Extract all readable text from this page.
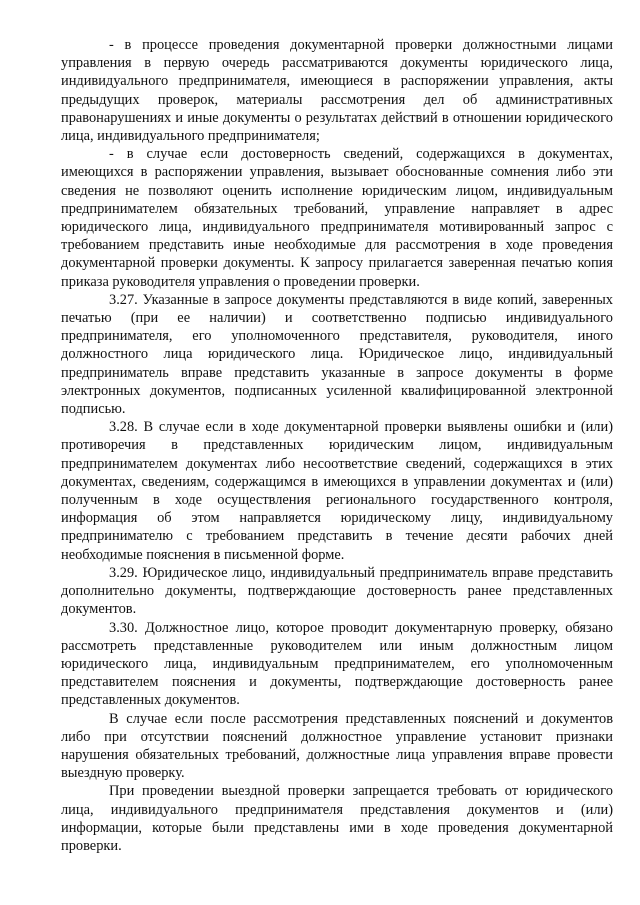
- в процессе проведения документарной проверки должностными лицами управления в первую очередь рассматриваются документы юридического лица, индивидуального предпринимателя, имеющиеся в распоряжении управления, акты предыдущих проверок, материалы рассмотрения дел об административных правонарушениях и иные документы о результатах действий в отношении юридического лица, индивидуального предпринимателя;

- в случае если достоверность сведений, содержащихся в документах, имеющихся в распоряжении управления, вызывает обоснованные сомнения либо эти сведения не позволяют оценить исполнение юридическим лицом, индивидуальным предпринимателем обязательных требований, управление направляет в адрес юридического лица, индивидуального предпринимателя мотивированный запрос с требованием представить иные необходимые для рассмотрения в ходе проведения документарной проверки документы. К запросу прилагается заверенная печатью копия приказа руководителя управления о проведении проверки.

3.27. Указанные в запросе документы представляются в виде копий, заверенных печатью (при ее наличии) и соответственно подписью индивидуального предпринимателя, его уполномоченного представителя, руководителя, иного должностного лица юридического лица. Юридическое лицо, индивидуальный предприниматель вправе представить указанные в запросе документы в форме электронных документов, подписанных усиленной квалифицированной электронной подписью.

3.28. В случае если в ходе документарной проверки выявлены ошибки и (или) противоречия в представленных юридическим лицом, индивидуальным предпринимателем документах либо несоответствие сведений, содержащихся в этих документах, сведениям, содержащимся в имеющихся в управлении документах и (или) полученным в ходе осуществления регионального государственного контроля, информация об этом направляется юридическому лицу, индивидуальному предпринимателю с требованием представить в течение десяти рабочих дней необходимые пояснения в письменной форме.

3.29. Юридическое лицо, индивидуальный предприниматель вправе представить дополнительно документы, подтверждающие достоверность ранее представленных документов.

3.30. Должностное лицо, которое проводит документарную проверку, обязано рассмотреть представленные руководителем или иным должностным лицом юридического лица, индивидуальным предпринимателем, его уполномоченным представителем пояснения и документы, подтверждающие достоверность ранее представленных документов.

В случае если после рассмотрения представленных пояснений и документов либо при отсутствии пояснений должностное управление установит признаки нарушения обязательных требований, должностные лица управления вправе провести выездную проверку.

При проведении выездной проверки запрещается требовать от юридического лица, индивидуального предпринимателя представления документов и (или) информации, которые были представлены ими в ходе проведения документарной проверки.
